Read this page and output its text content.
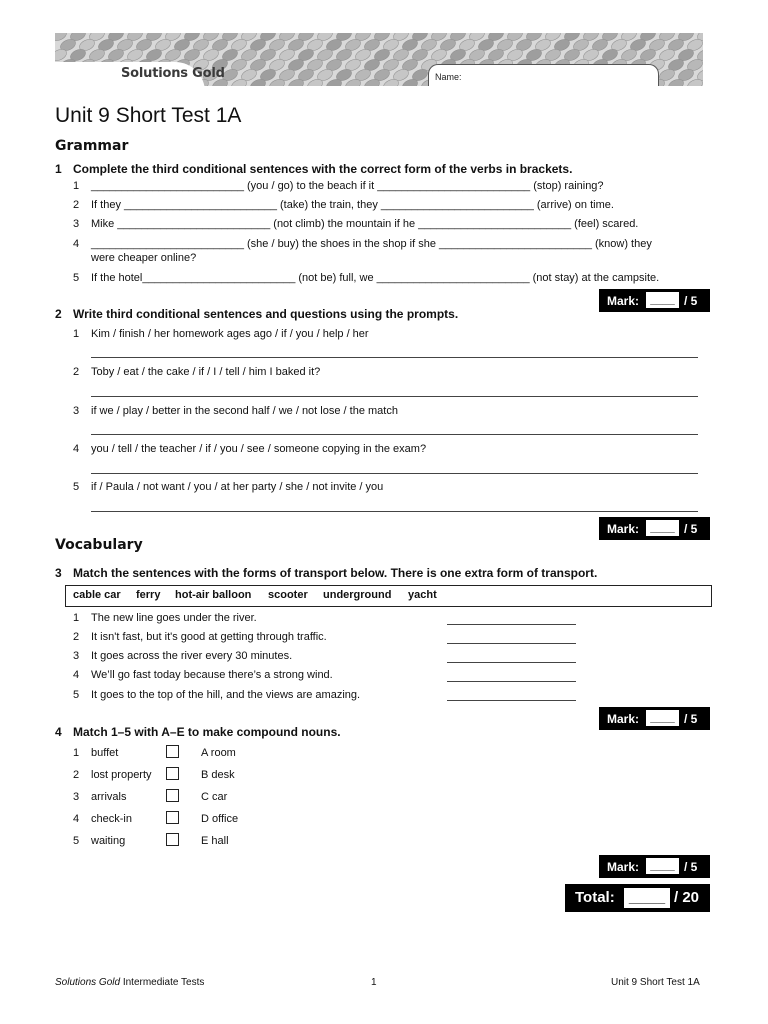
Solutions Gold	Name:
Unit 9 Short Test 1A
Grammar
1 Complete the third conditional sentences with the correct form of the verbs in brackets.
1 _________________________ (you / go) to the beach if it _________________________ (stop) raining?
2 If they _________________________ (take) the train, they _________________________ (arrive) on time.
3 Mike _________________________ (not climb) the mountain if he _________________________ (feel) scared.
4 _________________________ (she / buy) the shoes in the shop if she _________________________ (know) they
were cheaper online?
5 If the hotel_________________________ (not be) full, we _________________________ (not stay) at the campsite.
Mark:	____ / 5
2 Write third conditional sentences and questions using the prompts.
1 Kim / finish / her homework ages ago / if / you / help / her
2 Toby / eat / the cake / if / I / tell / him I baked it?
3 if we / play / better in the second half / we / not lose / the match
4 you / tell / the teacher / if / you / see / someone copying in the exam?
5 if / Paula / not want / you / at her party / she / not invite / you
Mark:	____ / 5
Vocabulary
3 Match the sentences with the forms of transport below. There is one extra form of transport.
cable car ferry hot-air balloon scooter underground yacht
1 The new line goes under the river.
2 It isn't fast, but it's good at getting through traffic.
3 It goes across the river every 30 minutes.
4 We’ll go fast today because there’s a strong wind.
5 It goes to the top of the hill, and the views are amazing.
Mark:	____ / 5
4 Match 1–5 with A–E to make compound nouns.
1 buffet	A room
2 lost property	B desk
3 arrivals	C car
4 check-in	D office
5 waiting	E hall
Mark:	____ / 5
Total:	_____ / 20
Solutions Gold Intermediate Tests	1	Unit 9 Short Test 1A
